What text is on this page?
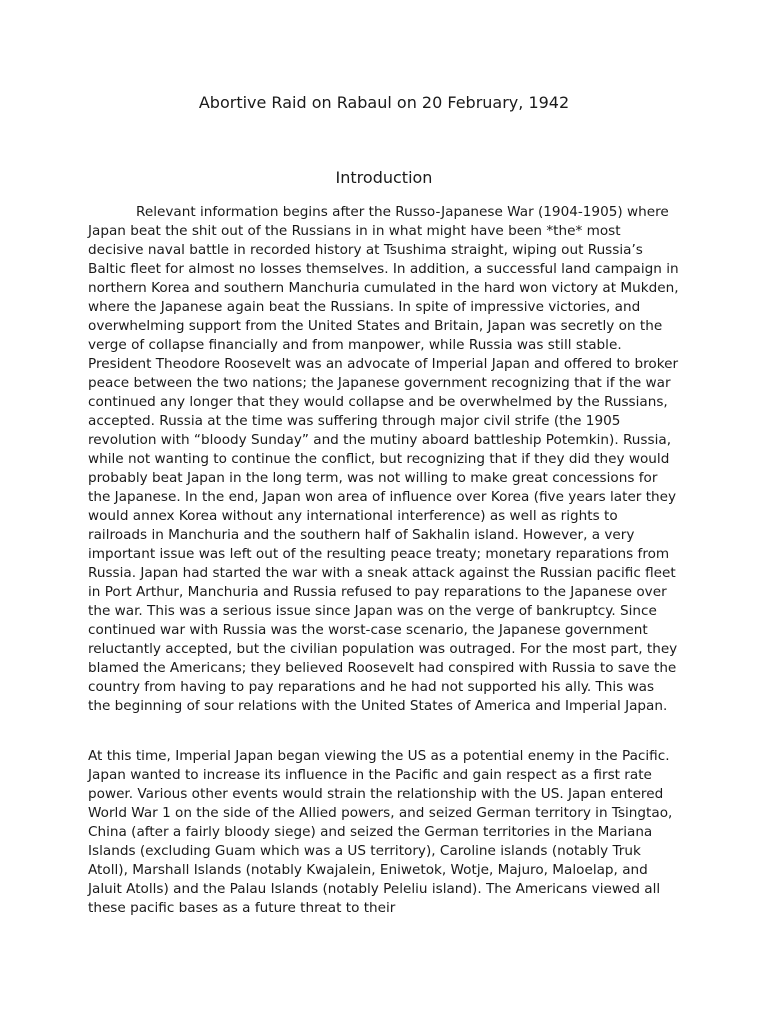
Abortive Raid on Rabaul on 20 February, 1942
Introduction

Relevant information begins after the Russo-Japanese War (1904-1905) where Japan beat the shit out of the Russians in in what might have been *the* most decisive naval battle in recorded history at Tsushima straight, wiping out Russia’s Baltic fleet for almost no losses themselves. In addition, a successful land campaign in northern Korea and southern Manchuria cumulated in the hard won victory at Mukden, where the Japanese again beat the Russians. In spite of impressive victories, and overwhelming support from the United States and Britain, Japan was secretly on the verge of collapse financially and from manpower, while Russia was still stable. President Theodore Roosevelt was an advocate of Imperial Japan and offered to broker peace between the two nations; the Japanese government recognizing that if the war continued any longer that they would collapse and be overwhelmed by the Russians, accepted. Russia at the time was suffering through major civil strife (the 1905 revolution with “bloody Sunday” and the mutiny aboard battleship Potemkin). Russia, while not wanting to continue the conflict, but recognizing that if they did they would probably beat Japan in the long term, was not willing to make great concessions for the Japanese. In the end, Japan won area of influence over Korea (five years later they would annex Korea without any international interference) as well as rights to railroads in Manchuria and the southern half of Sakhalin island. However, a very important issue was left out of the resulting peace treaty; monetary reparations from Russia. Japan had started the war with a sneak attack against the Russian pacific fleet in Port Arthur, Manchuria and Russia refused to pay reparations to the Japanese over the war. This was a serious issue since Japan was on the verge of bankruptcy. Since continued war with Russia was the worst-case scenario, the Japanese government reluctantly accepted, but the civilian population was outraged. For the most part, they blamed the Americans; they believed Roosevelt had conspired with Russia to save the country from having to pay reparations and he had not supported his ally. This was the beginning of sour relations with the United States of America and Imperial Japan.

At this time, Imperial Japan began viewing the US as a potential enemy in the Pacific. Japan wanted to increase its influence in the Pacific and gain respect as a first rate power. Various other events would strain the relationship with the US. Japan entered World War 1 on the side of the Allied powers, and seized German territory in Tsingtao, China (after a fairly bloody siege) and seized the German territories in the Mariana Islands (excluding Guam which was a US territory), Caroline islands (notably Truk Atoll), Marshall Islands (notably Kwajalein, Eniwetok, Wotje, Majuro, Maloelap, and Jaluit Atolls) and the Palau Islands (notably Peleliu island). The Americans viewed all these pacific bases as a future threat to their
